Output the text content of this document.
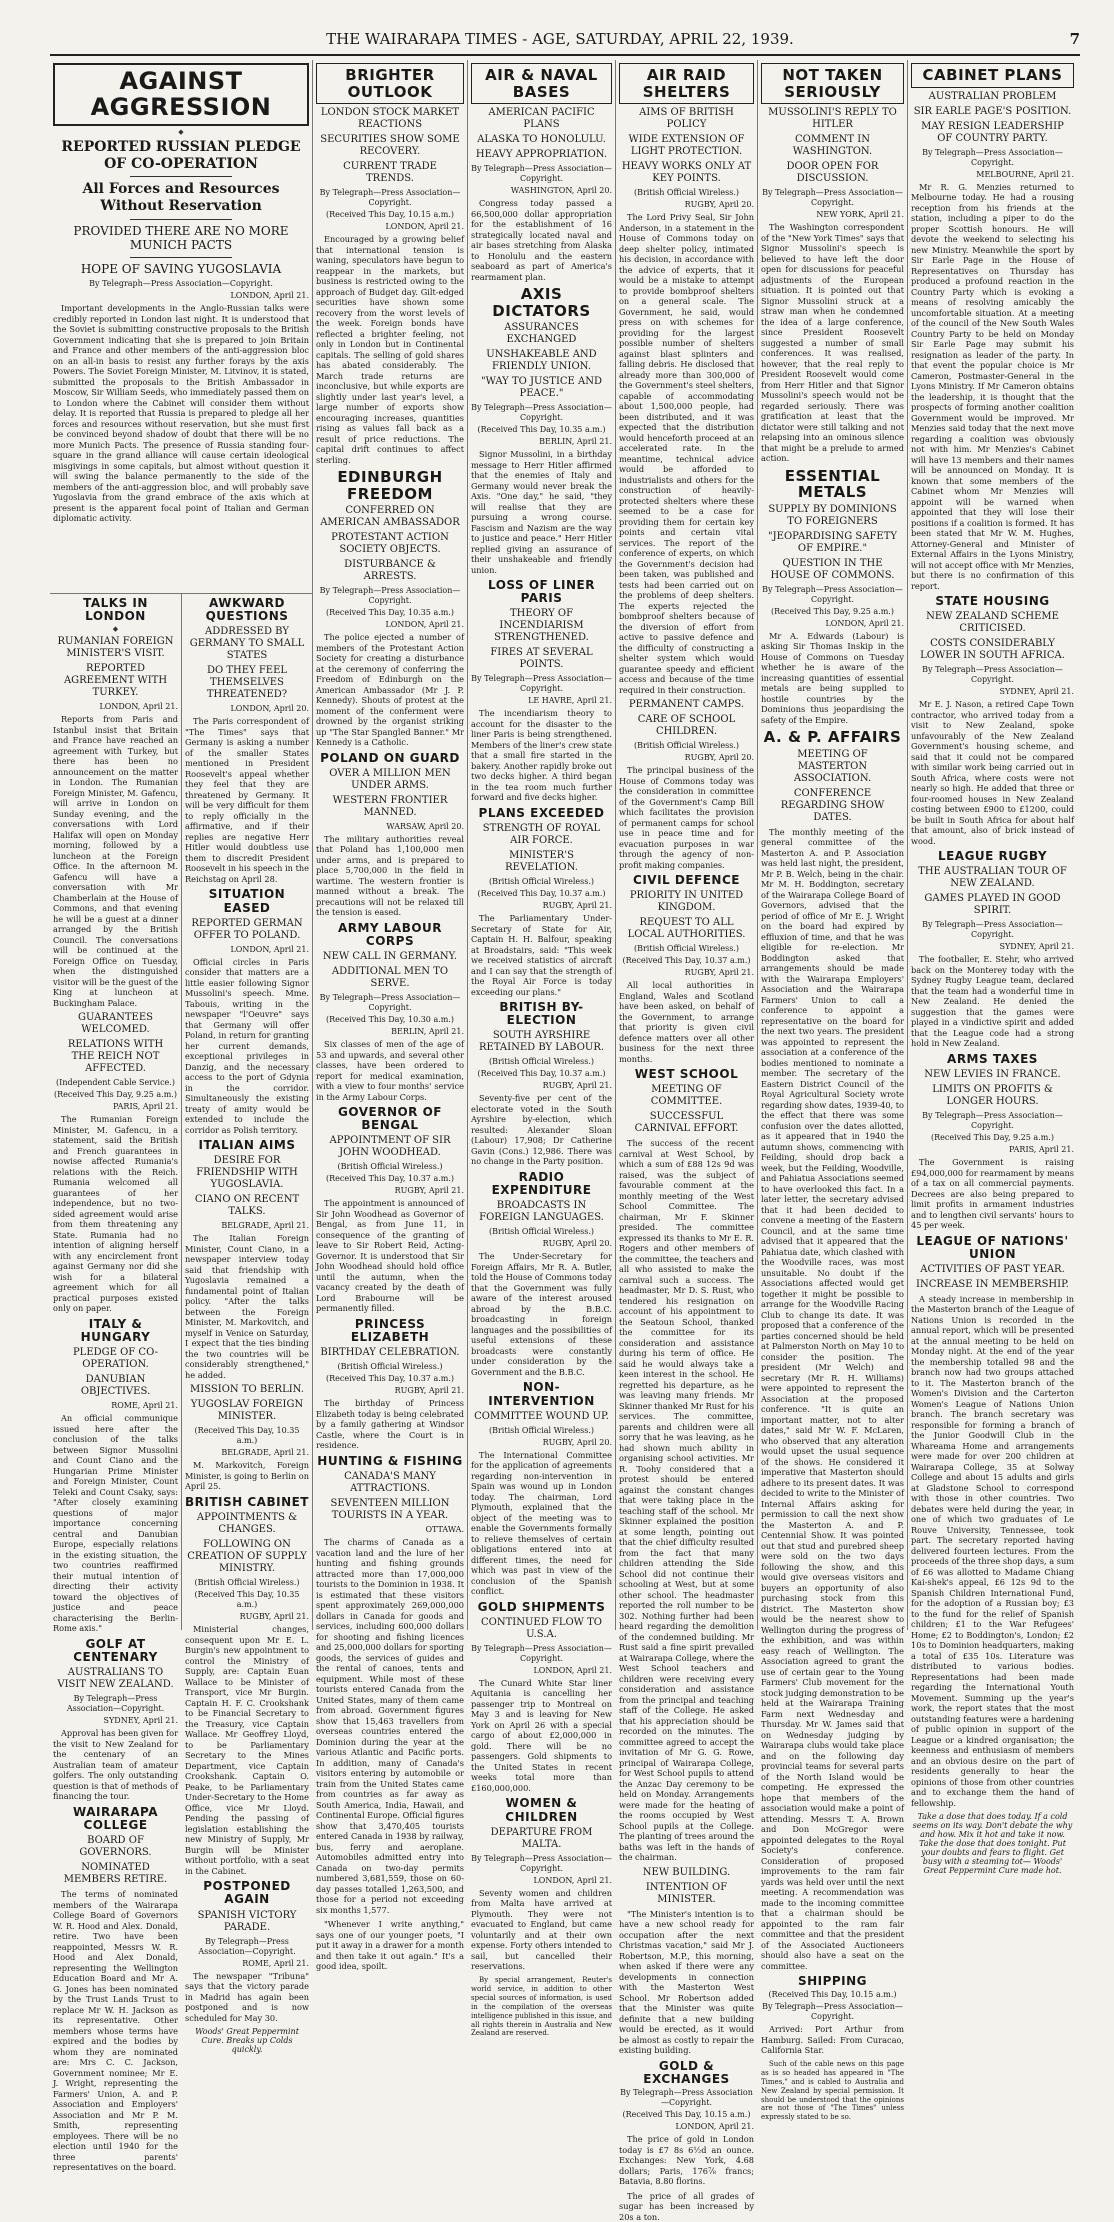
THE WAIRARAPA TIMES - AGE, SATURDAY, APRIL 22, 1939.	7
AGAINST AGGRESSION
◆
REPORTED RUSSIAN PLEDGE OF CO-OPERATION
All Forces and Resources Without Reservation
PROVIDED THERE ARE NO MORE MUNICH PACTS
HOPE OF SAVING YUGOSLAVIA
By Telegraph—Press Association—Copyright.
LONDON, April 21.

Important developments in the Anglo-Russian talks were credibly reported in London last night. It is understood that the Soviet is submitting constructive proposals to the British Government indicating that she is prepared to join Britain and France and other members of the anti-aggression bloc on an all-in basis to resist any further forays by the axis Powers. The Soviet Foreign Minister, M. Litvinov, it is stated, submitted the proposals to the British Ambassador in Moscow, Sir William Seeds, who immediately passed them on to London where the Cabinet will consider them without delay. It is reported that Russia is prepared to pledge all her forces and resources without reservation, but she must first be convinced beyond shadow of doubt that there will be no more Munich Pacts. The presence of Russia standing four-square in the grand alliance will cause certain ideological misgivings in some capitals, but almost without question it will swing the balance permanently to the side of the members of the anti-aggression bloc, and will probably save Yugoslavia from the grand embrace of the axis which at present is the apparent focal point of Italian and German diplomatic activity.

TALKS IN LONDON
◆
RUMANIAN FOREIGN MINISTER'S VISIT.
REPORTED AGREEMENT WITH TURKEY.
LONDON, April 21.

Reports from Paris and Istanbul insist that Britain and France have reached an agreement with Turkey, but there has been no announcement on the matter in London. The Rumanian Foreign Minister, M. Gafencu, will arrive in London on Sunday evening, and the conversations with Lord Halifax will open on Monday morning, followed by a luncheon at the Foreign Office. In the afternoon M. Gafencu will have a conversation with Mr Chamberlain at the House of Commons, and that evening he will be a guest at a dinner arranged by the British Council. The conversations will be continued at the Foreign Office on Tuesday, when the distinguished visitor will be the guest of the King at luncheon at Buckingham Palace.

GUARANTEES WELCOMED.
RELATIONS WITH THE REICH NOT AFFECTED.
(Independent Cable Service.)
(Received This Day, 9.25 a.m.)
PARIS, April 21.

The Rumanian Foreign Minister, M. Gafencu, in a statement, said the British and French guarantees in nowise affected Rumania's relations with the Reich. Rumania welcomed all guarantees of her independence, but no two-sided agreement would arise from them threatening any State. Rumania had no intention of aligning herself with any encirclement front against Germany nor did she wish for a bilateral agreement which for all practical purposes existed only on paper.

ITALY & HUNGARY
PLEDGE OF CO-OPERATION.
DANUBIAN OBJECTIVES.
ROME, April 21.

An official communique issued here after the conclusion of the talks between Signor Mussolini and Count Ciano and the Hungarian Prime Minister and Foreign Minister, Count Teleki and Count Csaky, says: "After closely examining questions of major importance concerning central and Danubian Europe, especially relations in the existing situation, the two countries reaffirmed their mutual intention of directing their activity toward the objectives of justice and peace characterising the Berlin-Rome axis."

GOLF AT CENTENARY
AUSTRALIANS TO VISIT NEW ZEALAND.
By Telegraph—Press Association—Copyright.
SYDNEY, April 21.

Approval has been given for the visit to New Zealand for the centenary of an Australian team of amateur golfers. The only outstanding question is that of methods of financing the tour.

WAIRARAPA COLLEGE
BOARD OF GOVERNORS.
NOMINATED MEMBERS RETIRE.

The terms of nominated members of the Wairarapa College Board of Governors W. R. Hood and Alex. Donald, retire. Two have been reappointed, Messrs W. R. Hood and Alex Donald, representing the Wellington Education Board and Mr A. G. Jones has been nominated by the Trust Lands Trust to replace Mr W. H. Jackson as its representative. Other members whose terms have expired and the bodies by whom they are nominated are: Mrs C. C. Jackson, Government nominee; Mr E. J. Wright, representing the Farmers' Union, A. and P. Association and Employers' Association and Mr P. M. Smith, representing employees. There will be no election until 1940 for the three parents' representatives on the board.

AWKWARD QUESTIONS
ADDRESSED BY GERMANY TO SMALL STATES
DO THEY FEEL THEMSELVES THREATENED?
LONDON, April 20.

The Paris correspondent of "The Times" says that Germany is asking a number of the smaller States mentioned in President Roosevelt's appeal whether they feel that they are threatened by Germany. It will be very difficult for them to reply officially in the affirmative, and if their replies are negative Herr Hitler would doubtless use them to discredit President Roosevelt in his speech in the Reichstag on April 28.

SITUATION EASED
REPORTED GERMAN OFFER TO POLAND.
LONDON, April 21.

Official circles in Paris consider that matters are a little easier following Signor Mussolini's speech. Mme. Tabouis, writing in the newspaper "l'Oeuvre" says that Germany will offer Poland, in return for granting her current demands, exceptional privileges in Danzig, and the necessary access to the port of Gdynia in the corridor. Simultaneously the existing treaty of amity would be extended to include the corridor as Polish territory.

ITALIAN AIMS
DESIRE FOR FRIENDSHIP WITH YUGOSLAVIA.
CIANO ON RECENT TALKS.
BELGRADE, April 21.

The Italian Foreign Minister, Count Ciano, in a newspaper interview today said that friendship with Yugoslavia remained a fundamental point of Italian policy. "After the talks between the Foreign Minister, M. Markovitch, and myself in Venice on Saturday, I expect that the ties binding the two countries will be considerably strengthened," he added.

MISSION TO BERLIN.
YUGOSLAV FOREIGN MINISTER.
(Received This Day, 10.35 a.m.)
BELGRADE, April 21.

M. Markovitch, Foreign Minister, is going to Berlin on April 25.

BRITISH CABINET
APPOINTMENTS & CHANGES.
FOLLOWING ON CREATION OF SUPPLY MINISTRY.
(British Official Wireless.)
(Received This Day, 10.35 a.m.)
RUGBY, April 21.

Ministerial changes, consequent upon Mr E. L. Burgin's new appointment to control the Ministry of Supply, are: Captain Euan Wallace to be Minister of Transport, vice Mr Burgin. Captain H. F. C. Crookshank to be Financial Secretary to the Treasury, vice Captain Wallace. Mr Geoffrey Lloyd, to be Parliamentary Secretary to the Mines Department, vice Captain Crookshank. Captain O. Peake, to be Parliamentary Under-Secretary to the Home Office, vice Mr Lloyd. Pending the passing of legislation establishing the new Ministry of Supply, Mr Burgin will be Minister without portfolio, with a seat in the Cabinet.

POSTPONED AGAIN
SPANISH VICTORY PARADE.
By Telegraph—Press Association—Copyright.
ROME, April 21.

The newspaper "Tribuna" says that the victory parade in Madrid has again been postponed and is now scheduled for May 30.

Woods' Great Peppermint Cure. Breaks up Colds quickly.
BRIGHTER OUTLOOK
LONDON STOCK MARKET REACTIONS
SECURITIES SHOW SOME RECOVERY.
CURRENT TRADE TRENDS.
By Telegraph—Press Association—Copyright.
(Received This Day, 10.15 a.m.)
LONDON, April 21.

Encouraged by a growing belief that international tension is waning, speculators have begun to reappear in the markets, but business is restricted owing to the approach of Budget day. Gilt-edged securities have shown some recovery from the worst levels of the week. Foreign bonds have reflected a brighter feeling, not only in London but in Continental capitals. The selling of gold shares has abated considerably. The March trade returns are inconclusive, but while exports are slightly under last year's level, a large number of exports show encouraging increases, quantities rising as values fall back as a result of price reductions. The capital drift continues to affect sterling.

EDINBURGH FREEDOM
CONFERRED ON AMERICAN AMBASSADOR
PROTESTANT ACTION SOCIETY OBJECTS.
DISTURBANCE & ARRESTS.
By Telegraph—Press Association—Copyright.
(Received This Day, 10.35 a.m.)
LONDON, April 21.

The police ejected a number of members of the Protestant Action Society for creating a disturbance at the ceremony of conferring the Freedom of Edinburgh on the American Ambassador (Mr J. P. Kennedy). Shouts of protest at the moment of the conferment were drowned by the organist striking up "The Star Spangled Banner." Mr Kennedy is a Catholic.

POLAND ON GUARD
OVER A MILLION MEN UNDER ARMS.
WESTERN FRONTIER MANNED.
WARSAW, April 20.

The military authorities reveal that Poland has 1,100,000 men under arms, and is prepared to place 5,700,000 in the field in wartime. The western frontier is manned without a break. The precautions will not be relaxed till the tension is eased.

ARMY LABOUR CORPS
NEW CALL IN GERMANY.
ADDITIONAL MEN TO SERVE.
By Telegraph—Press Association—Copyright.
(Received This Day, 10.30 a.m.)
BERLIN, April 21.

Six classes of men of the age of 53 and upwards, and several other classes, have been ordered to report for medical examination, with a view to four months' service in the Army Labour Corps.

GOVERNOR OF BENGAL
APPOINTMENT OF SIR JOHN WOODHEAD.
(British Official Wireless.)
(Received This Day, 10.37 a.m.)
RUGBY, April 21.

The appointment is announced of Sir John Woodhead as Governor of Bengal, as from June 11, in consequence of the granting of leave to Sir Robert Reid, Acting-Governor. It is understood that Sir John Woodhead should hold office until the autumn, when the vacancy created by the death of Lord Brabourne will be permanently filled.

PRINCESS ELIZABETH
BIRTHDAY CELEBRATION.
(British Official Wireless.)
(Received This Day, 10.37 a.m.)
RUGBY, April 21.

The birthday of Princess Elizabeth today is being celebrated by a family gathering at Windsor Castle, where the Court is in residence.

HUNTING & FISHING
CANADA'S MANY ATTRACTIONS.
SEVENTEEN MILLION TOURISTS IN A YEAR.
OTTAWA.

The charms of Canada as a vacation land and the lure of her hunting and fishing grounds attracted more than 17,000,000 tourists to the Dominion in 1938. It is estimated that these visitors spent approximately 269,000,000 dollars in Canada for goods and services, including 600,000 dollars for shooting and fishing licences and 25,000,000 dollars for sporting goods, the services of guides and the rental of canoes, tents and equipment. While most of these tourists entered Canada from the United States, many of them came from abroad. Government figures show that 15,463 travellers from overseas countries entered the Dominion during the year at the various Atlantic and Pacific ports. In addition, many of Canada's visitors entering by automobile or train from the United States came from countries as far away as South America, India, Hawaii, and Continental Europe. Official figures show that 3,470,405 tourists entered Canada in 1938 by railway, bus, ferry and aeroplane. Automobiles admitted entry into Canada on two-day permits numbered 3,681,559, those on 60-day passes totalled 1,263,500, and those for a period not exceeding six months 1,577.

"Whenever I write anything," says one of our younger poets, "I put it away in a drawer for a month and then take it out again." It's a good idea, spoilt.

AIR & NAVAL BASES
AMERICAN PACIFIC PLANS
ALASKA TO HONOLULU.
HEAVY APPROPRIATION.
By Telegraph—Press Association—Copyright.
WASHINGTON, April 20.

Congress today passed a 66,500,000 dollar appropriation for the establishment of 16 strategically located naval and air bases stretching from Alaska to Honolulu and the eastern seaboard as part of America's rearmament plan.

AXIS DICTATORS
ASSURANCES EXCHANGED
UNSHAKEABLE AND FRIENDLY UNION.
"WAY TO JUSTICE AND PEACE."
By Telegraph—Press Association—Copyright.
(Received This Day, 10.35 a.m.)
BERLIN, April 21.

Signor Mussolini, in a birthday message to Herr Hitler affirmed that the enemies of Italy and Germany would never break the Axis. "One day," he said, "they will realise that they are pursuing a wrong course. Fascism and Nazism are the way to justice and peace." Herr Hitler replied giving an assurance of their unshakeable and friendly union.

LOSS OF LINER PARIS
THEORY OF INCENDIARISM STRENGTHENED.
FIRES AT SEVERAL POINTS.
By Telegraph—Press Association—Copyright.
LE HAVRE, April 21.

The incendiarism theory to account for the disaster to the liner Paris is being strengthened. Members of the liner's crew state that a small fire started in the bakery. Another rapidly broke out two decks higher. A third began in the tea room much further forward and five decks higher.

PLANS EXCEEDED
STRENGTH OF ROYAL AIR FORCE.
MINISTER'S REVELATION.
(British Official Wireless.)
(Received This Day, 10.37 a.m.)
RUGBY, April 21.

The Parliamentary Under-Secretary of State for Air, Captain H. H. Balfour, speaking at Broadstairs, said: "This week we received statistics of aircraft and I can say that the strength of the Royal Air Force is today exceeding our plans."

BRITISH BY-ELECTION
SOUTH AYRSHIRE RETAINED BY LABOUR.
(British Official Wireless.)
(Received This Day, 10.37 a.m.)
RUGBY, April 21.

Seventy-five per cent of the electorate voted in the South Ayrshire by-election, which resulted: Alexander Sloan (Labour) 17,908; Dr Catherine Gavin (Cons.) 12,986. There was no change in the Party position.

RADIO EXPENDITURE
BROADCASTS IN FOREIGN LANGUAGES.
(British Official Wireless.)
RUGBY, April 20.

The Under-Secretary for Foreign Affairs, Mr R. A. Butler, told the House of Commons today that the Government was fully aware of the interest aroused abroad by the B.B.C. broadcasting in foreign languages and the possibilities of useful extensions of these broadcasts were constantly under consideration by the Government and the B.B.C.

NON-INTERVENTION
COMMITTEE WOUND UP.
(British Official Wireless.)
RUGBY, April 20.

The International Committee for the application of agreements regarding non-intervention in Spain was wound up in London today. The chairman, Lord Plymouth, explained that the object of the meeting was to enable the Governments formally to relieve themselves of certain obligations entered into at different times, the need for which was past in view of the conclusion of the Spanish conflict.

GOLD SHIPMENTS
CONTINUED FLOW TO U.S.A.
By Telegraph—Press Association—Copyright.
LONDON, April 21.

The Cunard White Star liner Aquitania is cancelling her passenger trip to Montreal on May 3 and is leaving for New York on April 26 with a special cargo of about £2,000,000 in gold. There will be no passengers. Gold shipments to the United States in recent weeks total more than £160,000,000.

WOMEN & CHILDREN
DEPARTURE FROM MALTA.
By Telegraph—Press Association—Copyright.
LONDON, April 21.

Seventy women and children from Malta have arrived at Plymouth. They were not evacuated to England, but came voluntarily and at their own expense. Forty others intended to sail, but cancelled their reservations.

By special arrangement, Reuter's world service, in addition to other special sources of information, is used in the compilation of the overseas intelligence published in this issue, and all rights therein in Australia and New Zealand are reserved.

AIR RAID SHELTERS
AIMS OF BRITISH POLICY
WIDE EXTENSION OF LIGHT PROTECTION.
HEAVY WORKS ONLY AT KEY POINTS.
(British Official Wireless.)
RUGBY, April 20.

The Lord Privy Seal, Sir John Anderson, in a statement in the House of Commons today on deep shelter policy, intimated his decision, in accordance with the advice of experts, that it would be a mistake to attempt to provide bombproof shelters on a general scale. The Government, he said, would press on with schemes for providing for the largest possible number of shelters against blast splinters and falling debris. He disclosed that already more than 300,000 of the Government's steel shelters, capable of accommodating about 1,500,000 people, had been distributed, and it was expected that the distribution would henceforth proceed at an accelerated rate. In the meantime, technical advice would be afforded to industrialists and others for the construction of heavily-protected shelters where these seemed to be a case for providing them for certain key points and certain vital services. The report of the conference of experts, on which the Government's decision had been taken, was published and tests had been carried out on the problems of deep shelters. The experts rejected the bombproof shelters because of the diversion of effort from active to passive defence and the difficulty of constructing a shelter system which would guarantee speedy and efficient access and because of the time required in their construction.

PERMANENT CAMPS.
CARE OF SCHOOL CHILDREN.
(British Official Wireless.)
RUGBY, April 20.

The principal business of the House of Commons today was the consideration in committee of the Government's Camp Bill which facilitates the provision of permanent camps for school use in peace time and for evacuation purposes in war through the agency of non-profit making companies.

CIVIL DEFENCE
PRIORITY IN UNITED KINGDOM.
REQUEST TO ALL LOCAL AUTHORITIES.
(British Official Wireless.)
(Received This Day, 10.37 a.m.)
RUGBY, April 21.

All local authorities in England, Wales and Scotland have been asked, on behalf of the Government, to arrange that priority is given civil defence matters over all other business for the next three months.

WEST SCHOOL
MEETING OF COMMITTEE.
SUCCESSFUL CARNIVAL EFFORT.

The success of the recent carnival at West School, by which a sum of £88 12s 9d was raised, was the subject of favourable comment at the monthly meeting of the West School Committee. The chairman, Mr F. Skinner presided. The committee expressed its thanks to Mr E. R. Rogers and other members of the committee, the teachers and all who assisted to make the carnival such a success. The headmaster, Mr D. S. Rust, who tendered his resignation on account of his appointment to the Seatoun School, thanked the committee for its consideration and assistance during his term of office. He said he would always take a keen interest in the school. He regretted his departure, as he was leaving many friends. Mr Skinner thanked Mr Rust for his services. The committee, parents and children were all sorry that he was leaving, as he had shown much ability in organising school activities. Mr R. Toohy considered that a protest should be entered against the constant changes that were taking place in the teaching staff of the school. Mr Skinner explained the position at some length, pointing out that the chief difficulty resulted from the fact that many children attending the Side School did not continue their schooling at West, but at some other school. The headmaster reported the roll number to be 302. Nothing further had been heard regarding the demolition of the condemned building. Mr Rust said a fine spirit prevailed at Wairarapa College, where the West School teachers and children were receiving every consideration and assistance from the principal and teaching staff of the College. He asked that his appreciation should be recorded on the minutes. The committee agreed to accept the invitation of Mr G. G. Rowe, principal of Wairarapa College, for West School pupils to attend the Anzac Day ceremony to be held on Monday. Arrangements were made for the heating of the rooms occupied by West School pupils at the College. The planting of trees around the baths was left in the hands of the chairman.

NEW BUILDING.
INTENTION OF MINISTER.

"The Minister's intention is to have a new school ready for occupation after the next Christmas vacation," said Mr J. Robertson, M.P., this morning, when asked if there were any developments in connection with the Masterton West School. Mr Robertson added that the Minister was quite definite that a new building would be erected, as it would be almost as costly to repair the existing building.

GOLD & EXCHANGES
By Telegraph—Press Association—Copyright.
(Received This Day, 10.15 a.m.)
LONDON, April 21.

The price of gold in London today is £7 8s 6½d an ounce. Exchanges: New York, 4.68 dollars; Paris, 176⅞ francs; Batavia, 8.80 florins.

The price of all grades of sugar has been increased by 20s a ton.

NOT TAKEN SERIOUSLY
MUSSOLINI'S REPLY TO HITLER
COMMENT IN WASHINGTON.
DOOR OPEN FOR DISCUSSION.
By Telegraph—Press Association—Copyright.
NEW YORK, April 21.

The Washington correspondent of the "New York Times" says that Signor Mussolini's speech is believed to have left the door open for discussions for peaceful adjustments of the European situation. It is pointed out that Signor Mussolini struck at a straw man when he condemned the idea of a large conference, since President Roosevelt suggested a number of small conferences. It was realised, however, that the real reply to President Roosevelt would come from Herr Hitler and that Signor Mussolini's speech would not be regarded seriously. There was gratification at least that the dictator were still talking and not relapsing into an ominous silence that might be a prelude to armed action.

ESSENTIAL METALS
SUPPLY BY DOMINIONS TO FOREIGNERS
"JEOPARDISING SAFETY OF EMPIRE."
QUESTION IN THE HOUSE OF COMMONS.
By Telegraph—Press Association—Copyright.
(Received This Day, 9.25 a.m.)
LONDON, April 21.

Mr A. Edwards (Labour) is asking Sir Thomas Inskip in the House of Commons on Tuesday whether he is aware of the increasing quantities of essential metals are being supplied to hostile countries by the Dominions thus jeopardising the safety of the Empire.

A. & P. AFFAIRS
MEETING OF MASTERTON ASSOCIATION.
CONFERENCE REGARDING SHOW DATES.

The monthly meeting of the general committee of the Masterton A. and P. Association was held last night, the president, Mr P. B. Welch, being in the chair. Mr M. H. Boddington, secretary of the Wairarapa College Board of Governors, advised that the period of office of Mr E. J. Wright on the board had expired by effluxion of time, and that he was eligible for re-election. Mr Boddington asked that arrangements should be made with the Wairarapa Employers' Association and the Wairarapa Farmers' Union to call a conference to appoint a representative on the board for the next two years. The president was appointed to represent the association at a conference of the bodies mentioned to nominate a member. The secretary of the Eastern District Council of the Royal Agricultural Society wrote regarding show dates, 1939-40, to the effect that there was some confusion over the dates allotted, as it appeared that in 1940 the autumn shows, commencing with Feilding, should drop back a week, but the Feilding, Woodville, and Pahiatua Associations seemed to have overlooked this fact. In a later letter, the secretary advised that it had been decided to convene a meeting of the Eastern Council, and at the same time advised that it appeared that the Pahiatua date, which clashed with the Woodville races, was most unsuitable. No doubt if the Associations affected would get together it might be possible to arrange for the Woodville Racing Club to change its date. It was proposed that a conference of the parties concerned should be held at Palmerston North on May 10 to consider the position. The president (Mr Welch) and secretary (Mr R. H. Williams) were appointed to represent the Association at the proposed conference. "It is quite an important matter, not to alter dates," said Mr W. F. McLaren, who observed that any alteration would upset the usual sequence of the shows. He considered it imperative that Masterton should adhere to its present dates. It was decided to write to the Minister of Internal Affairs asking for permission to call the next show the Masterton A. and P. Centennial Show. It was pointed out that stud and purebred sheep were sold on the two days following the show, and this would give overseas visitors and buyers an opportunity of also purchasing stock from this district. The Masterton show would be the nearest show to Wellington during the progress of the exhibition, and was within easy reach of Wellington. The Association agreed to grant the use of certain gear to the Young Farmers' Club movement for the stock judging demonstration to be held at the Wairarapa Training Farm next Wednesday and Thursday. Mr W. James said that on Wednesday judging by Wairarapa clubs would take place and on the following day provincial teams for several parts of the North Island would be competing. He expressed the hope that members of the association would make a point of attending. Messrs T. A. Brown and Don McGregor were appointed delegates to the Royal Society's conference. Consideration of proposed improvements to the ram fair yards was held over until the next meeting. A recommendation was made to the incoming committee that a chairman should be appointed to the ram fair committee and that the president of the Associated Auctioneers should also have a seat on the committee.

SHIPPING
(Received This Day, 10.15 a.m.)
By Telegraph—Press Association—Copyright.

Arrived: Port Arthur from Hamburg. Sailed: From Curacao, California Star.

Such of the cable news on this page as is so headed has appeared in "The Times," and is cabled to Australia and New Zealand by special permission. It should be understood that the opinions are not those of "The Times" unless expressly stated to be so.

CABINET PLANS
AUSTRALIAN PROBLEM
SIR EARLE PAGE'S POSITION.
MAY RESIGN LEADERSHIP OF COUNTRY PARTY.
By Telegraph—Press Association—Copyright.
MELBOURNE, April 21.

Mr R. G. Menzies returned to Melbourne today. He had a rousing reception from his friends at the station, including a piper to do the proper Scottish honours. He will devote the weekend to selecting his new Ministry. Meanwhile the sport by Sir Earle Page in the House of Representatives on Thursday has produced a profound reaction in the Country Party which is evoking a means of resolving amicably the uncomfortable situation. At a meeting of the council of the New South Wales Country Party to be held on Monday Sir Earle Page may submit his resignation as leader of the party. In that event the popular choice is Mr Cameron, Postmaster-General in the Lyons Ministry. If Mr Cameron obtains the leadership, it is thought that the prospects of forming another coalition Government would be improved. Mr Menzies said today that the next move regarding a coalition was obviously not with him. Mr Menzies's Cabinet will have 13 members and their names will be announced on Monday. It is known that some members of the Cabinet whom Mr Menzies will appoint will be warned when appointed that they will lose their positions if a coalition is formed. It has been stated that Mr W. M. Hughes, Attorney-General and Minister of External Affairs in the Lyons Ministry, will not accept office with Mr Menzies, but there is no confirmation of this report.

STATE HOUSING
NEW ZEALAND SCHEME CRITICISED.
COSTS CONSIDERABLY LOWER IN SOUTH AFRICA.
By Telegraph—Press Association—Copyright.
SYDNEY, April 21.

Mr E. J. Nason, a retired Cape Town contractor, who arrived today from a visit to New Zealand, spoke unfavourably of the New Zealand Government's housing scheme, and said that it could not be compared with similar work being carried out in South Africa, where costs were not nearly so high. He added that three or four-roomed houses in New Zealand costing between £900 to £1200, could be built in South Africa for about half that amount, also of brick instead of wood.

LEAGUE RUGBY
THE AUSTRALIAN TOUR OF NEW ZEALAND.
GAMES PLAYED IN GOOD SPIRIT.
By Telegraph—Press Association—Copyright.
SYDNEY, April 21.

The footballer, E. Stehr, who arrived back on the Monterey today with the Sydney Rugby League team, declared that the team had a wonderful time in New Zealand. He denied the suggestion that the games were played in a vindictive spirit and added that the League code had a strong hold in New Zealand.

ARMS TAXES
NEW LEVIES IN FRANCE.
LIMITS ON PROFITS & LONGER HOURS.
By Telegraph—Press Association—Copyright.
(Received This Day, 9.25 a.m.)
PARIS, April 21.

The Government is raising £94,000,000 for rearmament by means of a tax on all commercial payments. Decrees are also being prepared to limit profits in armament industries and to lengthen civil servants' hours to 45 per week.

LEAGUE OF NATIONS' UNION
ACTIVITIES OF PAST YEAR.
INCREASE IN MEMBERSHIP.

A steady increase in membership in the Masterton branch of the League of Nations Union is recorded in the annual report, which will be presented at the annual meeting to be held on Monday night. At the end of the year the membership totalled 98 and the branch now had two groups attached to it. The Masterton branch of the Women's Division and the Carterton Women's League of Nations Union branch. The branch secretary was responsible for forming a branch of the Junior Goodwill Club in the Whareama Home and arrangements were made for over 200 children at Wairarapa College, 35 at Solway College and about 15 adults and girls at Gladstone School to correspond with those in other countries. Two debates were held during the year, in one of which two graduates of Le Rouve University, Tennessee, took part. The secretary reported having delivered fourteen lectures. From the proceeds of the three shop days, a sum of £6 was allotted to Madame Chiang Kai-shek's appeal, £6 12s 9d to the Spanish Children International Fund, for the adoption of a Russian boy; £3 to the fund for the relief of Spanish children; £1 to the War Refugees' Home; £2 to Boddington's, London; £2 10s to Dominion headquarters, making a total of £35 10s. Literature was distributed to various bodies. Representations had been made regarding the International Youth Movement. Summing up the year's work, the report states that the most outstanding features were a hardening of public opinion in support of the League or a kindred organisation; the keenness and enthusiasm of members and an obvious desire on the part of residents generally to hear the opinions of those from other countries and to exchange them the hand of fellowship.

Take a dose that does today. If a cold seems on its way. Don't debate the why and how. Mix it hot and take it now. Take the dose that does tonight. Put your doubts and fears to flight. Get busy with a steaming tot— Woods' Great Peppermint Cure made hot.
